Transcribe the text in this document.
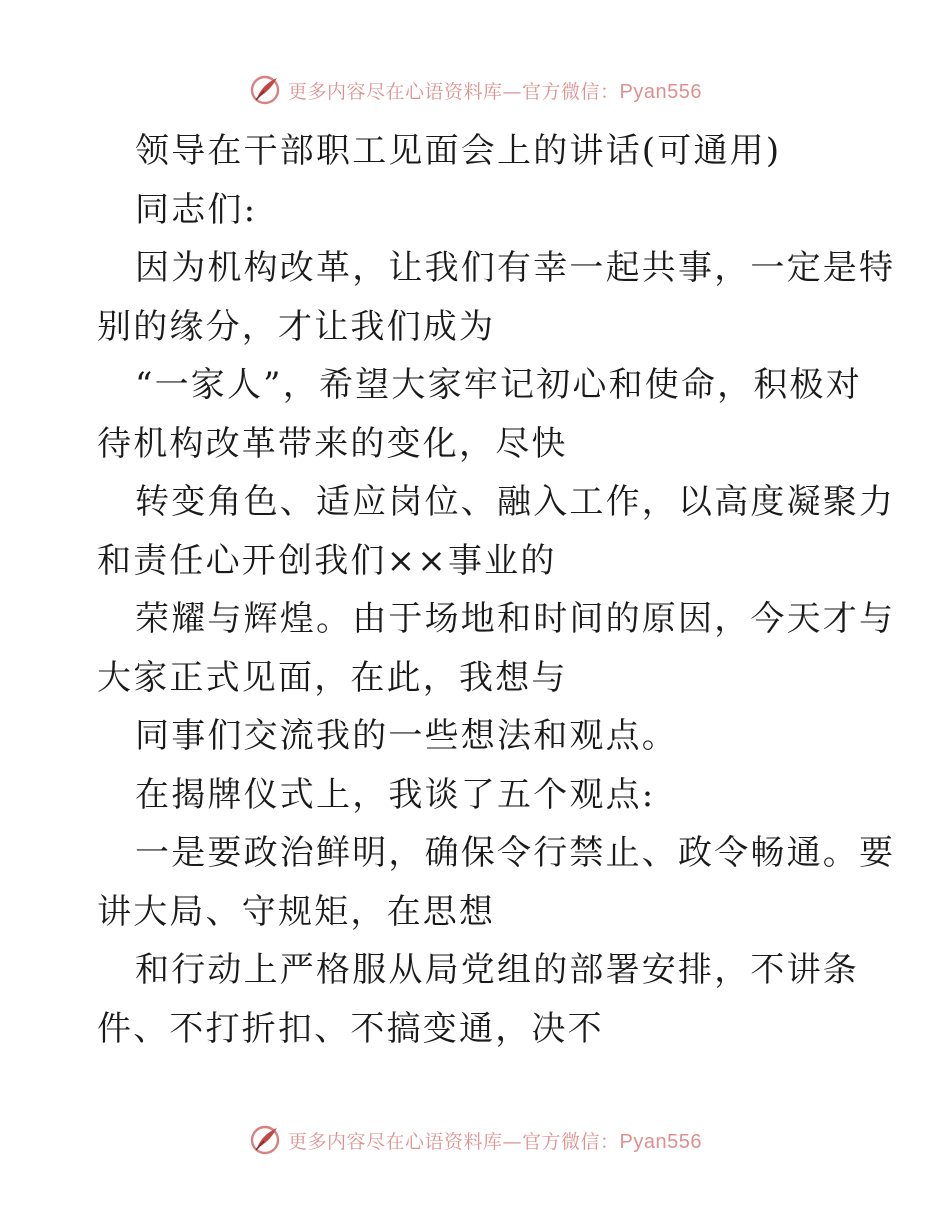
更多内容尽在心语资料库—官方微信：Pyan556
领导在干部职工见面会上的讲话(可通用)
同志们:
因为机构改革，让我们有幸一起共事，一定是特
别的缘分，才让我们成为
“一家人”，希望大家牢记初心和使命，积极对
待机构改革带来的变化，尽快
转变角色、适应岗位、融入工作，以高度凝聚力
和责任心开创我们××事业的
荣耀与辉煌。由于场地和时间的原因，今天才与
大家正式见面，在此，我想与
同事们交流我的一些想法和观点。
在揭牌仪式上，我谈了五个观点:
一是要政治鲜明，确保令行禁止、政令畅通。要
讲大局、守规矩，在思想
和行动上严格服从局党组的部署安排，不讲条
件、不打折扣、不搞变通，决不
更多内容尽在心语资料库—官方微信：Pyan556
